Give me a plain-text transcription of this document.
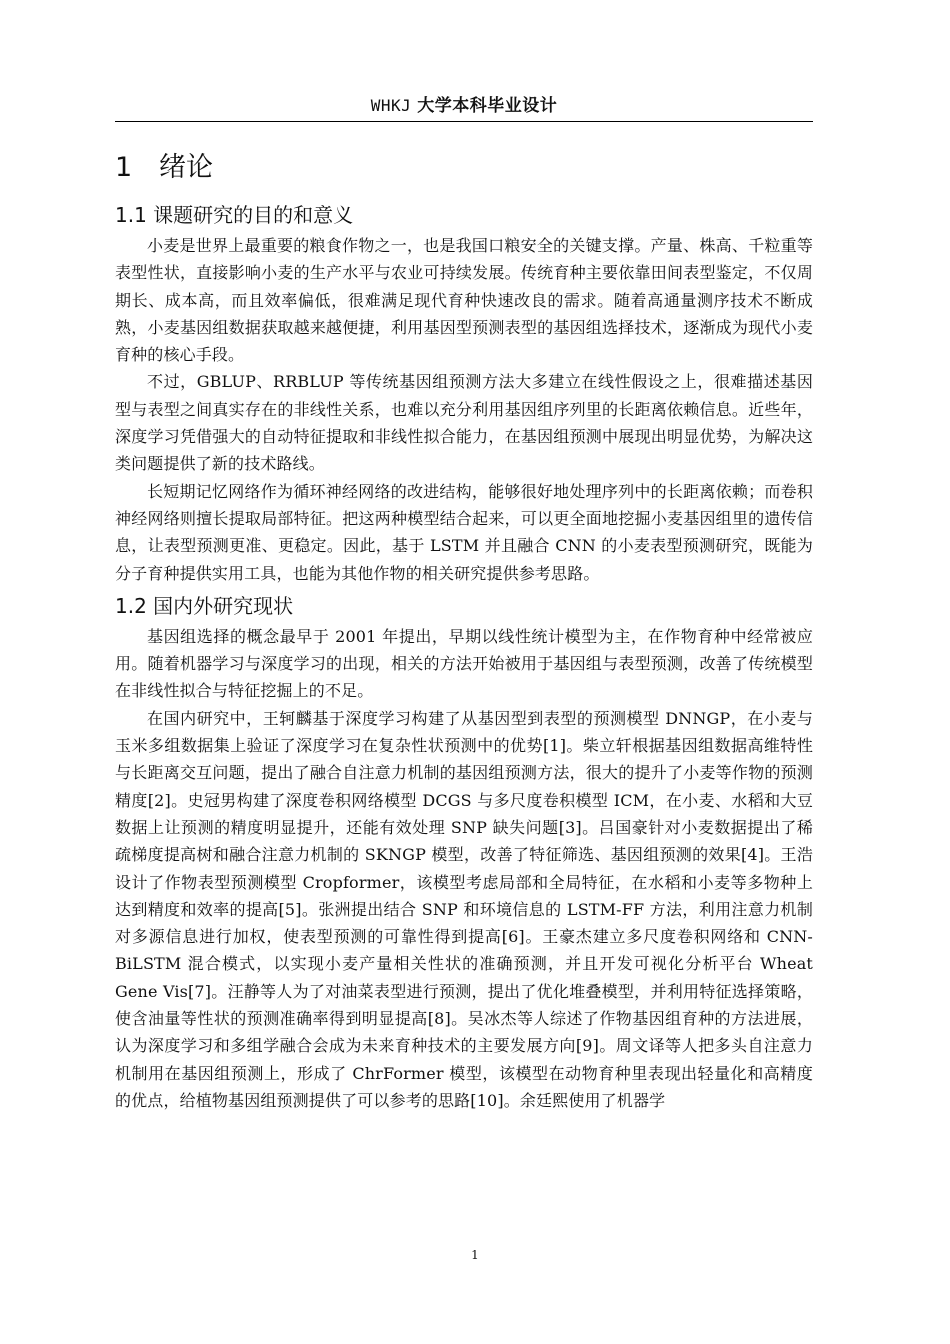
WHKJ 大学本科毕业设计
1 绪论
1.1 课题研究的目的和意义

小麦是世界上最重要的粮食作物之一，也是我国口粮安全的关键支撑。产量、株高、千粒重等表型性状，直接影响小麦的生产水平与农业可持续发展。传统育种主要依靠田间表型鉴定，不仅周期长、成本高，而且效率偏低，很难满足现代育种快速改良的需求。随着高通量测序技术不断成熟，小麦基因组数据获取越来越便捷，利用基因型预测表型的基因组选择技术，逐渐成为现代小麦育种的核心手段。

不过，GBLUP、RRBLUP 等传统基因组预测方法大多建立在线性假设之上，很难描述基因型与表型之间真实存在的非线性关系，也难以充分利用基因组序列里的长距离依赖信息。近些年，深度学习凭借强大的自动特征提取和非线性拟合能力，在基因组预测中展现出明显优势，为解决这类问题提供了新的技术路线。

长短期记忆网络作为循环神经网络的改进结构，能够很好地处理序列中的长距离依赖；而卷积神经网络则擅长提取局部特征。把这两种模型结合起来，可以更全面地挖掘小麦基因组里的遗传信息，让表型预测更准、更稳定。因此，基于 LSTM 并且融合 CNN 的小麦表型预测研究，既能为分子育种提供实用工具，也能为其他作物的相关研究提供参考思路。

1.2 国内外研究现状

基因组选择的概念最早于 2001 年提出，早期以线性统计模型为主，在作物育种中经常被应用。随着机器学习与深度学习的出现，相关的方法开始被用于基因组与表型预测，改善了传统模型在非线性拟合与特征挖掘上的不足。

在国内研究中，王轲麟基于深度学习构建了从基因型到表型的预测模型 DNNGP，在小麦与玉米多组数据集上验证了深度学习在复杂性状预测中的优势[1]。柴立轩根据基因组数据高维特性与长距离交互问题，提出了融合自注意力机制的基因组预测方法，很大的提升了小麦等作物的预测精度[2]。史冠男构建了深度卷积网络模型 DCGS 与多尺度卷积模型 ICM，在小麦、水稻和大豆数据上让预测的精度明显提升，还能有效处理 SNP 缺失问题[3]。吕国豪针对小麦数据提出了稀疏梯度提高树和融合注意力机制的 SKNGP 模型，改善了特征筛选、基因组预测的效果[4]。王浩设计了作物表型预测模型 Cropformer，该模型考虑局部和全局特征，在水稻和小麦等多物种上达到精度和效率的提高[5]。张洲提出结合 SNP 和环境信息的 LSTM-FF 方法，利用注意力机制对多源信息进行加权，使表型预测的可靠性得到提高[6]。王豪杰建立多尺度卷积网络和 CNN-BiLSTM 混合模式，以实现小麦产量相关性状的准确预测，并且开发可视化分析平台 Wheat Gene Vis[7]。汪静等人为了对油菜表型进行预测，提出了优化堆叠模型，并利用特征选择策略，使含油量等性状的预测准确率得到明显提高[8]。吴冰杰等人综述了作物基因组育种的方法进展，认为深度学习和多组学融合会成为未来育种技术的主要发展方向[9]。周文译等人把多头自注意力机制用在基因组预测上，形成了 ChrFormer 模型，该模型在动物育种里表现出轻量化和高精度的优点，给植物基因组预测提供了可以参考的思路[10]。余廷熙使用了机器学

1
